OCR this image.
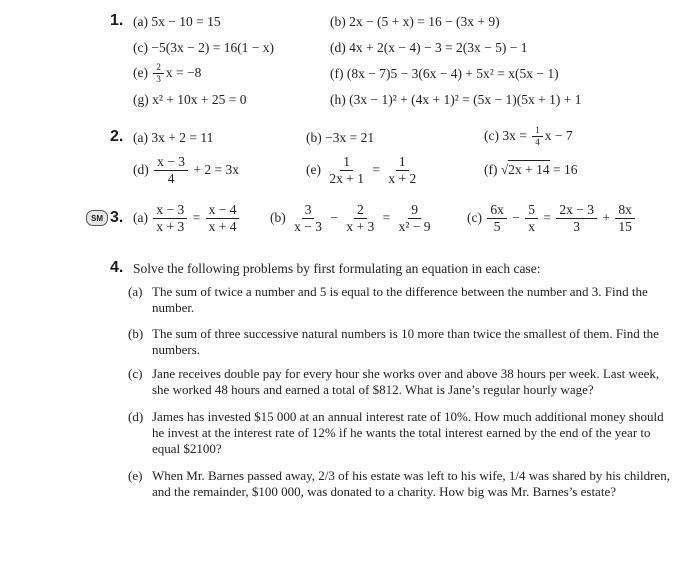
1. (a) 5x − 10 = 15	(b) 2x − (5 + x) = 16 − (3x + 9)
(c) −5(3x − 2) = 16(1 − x)	(d) 4x + 2(x − 4) − 3 = 2(3x − 5) − 1
$(e) \frac{2}{3}$ x = −8	(f) (8x − 7)5 − 3(6x − 4) + 5x² = x(5x − 1)
(g) x² + 10x + 25 = 0	(h) (3x − 1)² + (4x + 1)² = (5x − 1)(5x + 1) + 1
2. (a) 3x + 2 = 11	(b) −3x = 21	(c) $3x = \frac{1}{4}$ x − 7
$(d) \frac{x - 3}{4} + 2 = 3x$	$(e) \frac{1}{2x + 1} = \frac{1}{x + 2}$	(f) √2x + 14 = 16
SM 3. $(a) \frac{x - 3}{x + 3} = \frac{x - 4}{x + 4} (b) \frac{3}{x - 3} - \frac{2}{x + 3} = \frac{9}{\text{x² − 9}} (c) \frac{6x}{5} - \frac{5}{x} = \frac{2x - 3}{3} + \frac{8x}{15}$
4. Solve the following problems by first formulating an equation in each case:
(a) The sum of twice a number and 5 is equal to the difference between the number and 3. Find the number.
(b) The sum of three successive natural numbers is 10 more than twice the smallest of them. Find the numbers.
(c) Jane receives double pay for every hour she works over and above 38 hours per week. Last week, she worked 48 hours and earned a total of $812. What is Jane’s regular hourly wage?
(d) James has invested $15 000 at an annual interest rate of 10%. How much additional money should he invest at the interest rate of 12% if he wants the total interest earned by the end of the year to equal $2100?
(e) When Mr. Barnes passed away, 2/3 of his estate was left to his wife, 1/4 was shared by his children, and the remainder, $100 000, was donated to a charity. How big was Mr. Barnes’s estate?
